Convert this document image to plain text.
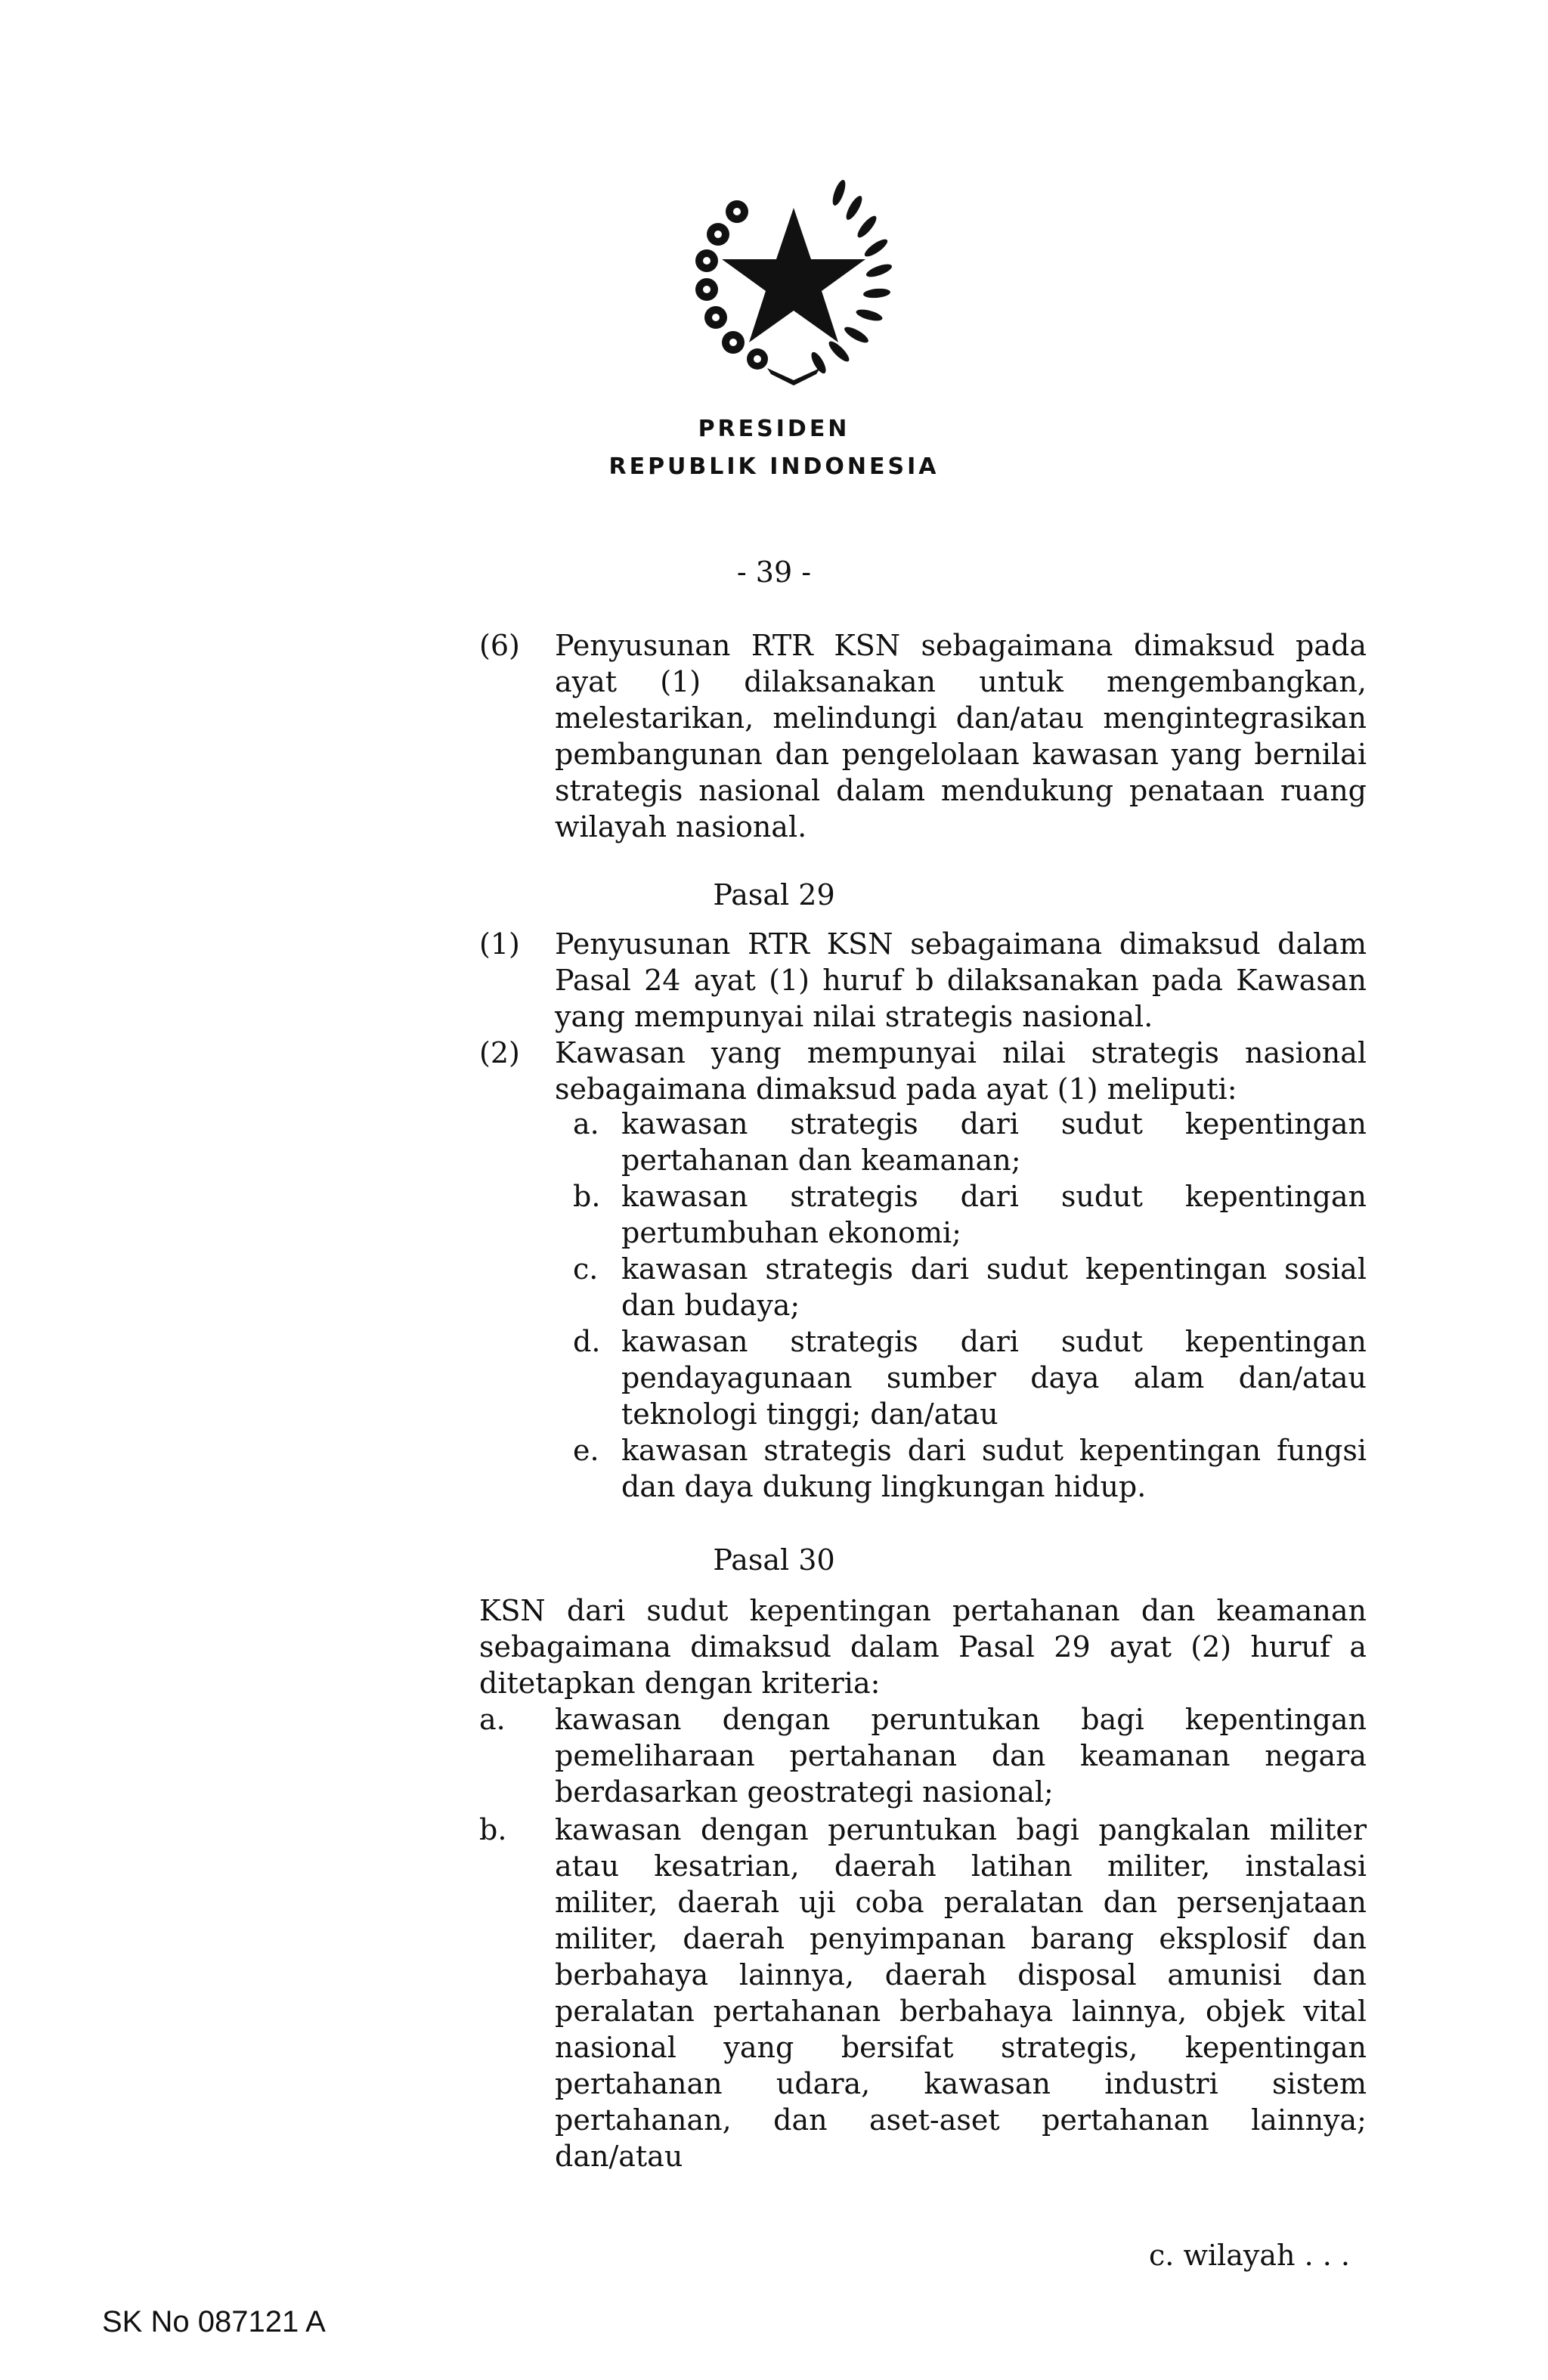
PRESIDEN
REPUBLIK INDONESIA
- 39 -
(6) Penyusunan RTR KSN sebagaimana dimaksud pada
ayat (1) dilaksanakan untuk mengembangkan,
melestarikan, melindungi dan/atau mengintegrasikan
pembangunan dan pengelolaan kawasan yang bernilai
strategis nasional dalam mendukung penataan ruang
wilayah nasional.
Pasal 29
(1) Penyusunan RTR KSN sebagaimana dimaksud dalam
Pasal 24 ayat (1) huruf b dilaksanakan pada Kawasan
yang mempunyai nilai strategis nasional.
(2) Kawasan yang mempunyai nilai strategis nasional
sebagaimana dimaksud pada ayat (1) meliputi:
a. kawasan strategis dari sudut kepentingan
pertahanan dan keamanan;
b. kawasan strategis dari sudut kepentingan
pertumbuhan ekonomi;
c. kawasan strategis dari sudut kepentingan sosial
dan budaya;
d. kawasan strategis dari sudut kepentingan
pendayagunaan sumber daya alam dan/atau
teknologi tinggi; dan/atau
e. kawasan strategis dari sudut kepentingan fungsi
dan daya dukung lingkungan hidup.
Pasal 30
KSN dari sudut kepentingan pertahanan dan keamanan
sebagaimana dimaksud dalam Pasal 29 ayat (2) huruf a
ditetapkan dengan kriteria:
a. kawasan dengan peruntukan bagi kepentingan
pemeliharaan pertahanan dan keamanan negara
berdasarkan geostrategi nasional;
b. kawasan dengan peruntukan bagi pangkalan militer
atau kesatrian, daerah latihan militer, instalasi
militer, daerah uji coba peralatan dan persenjataan
militer, daerah penyimpanan barang eksplosif dan
berbahaya lainnya, daerah disposal amunisi dan
peralatan pertahanan berbahaya lainnya, objek vital
nasional yang bersifat strategis, kepentingan
pertahanan udara, kawasan industri sistem
pertahanan, dan aset-aset pertahanan lainnya;
dan/atau
c. wilayah . . .
SK No 087121 A
